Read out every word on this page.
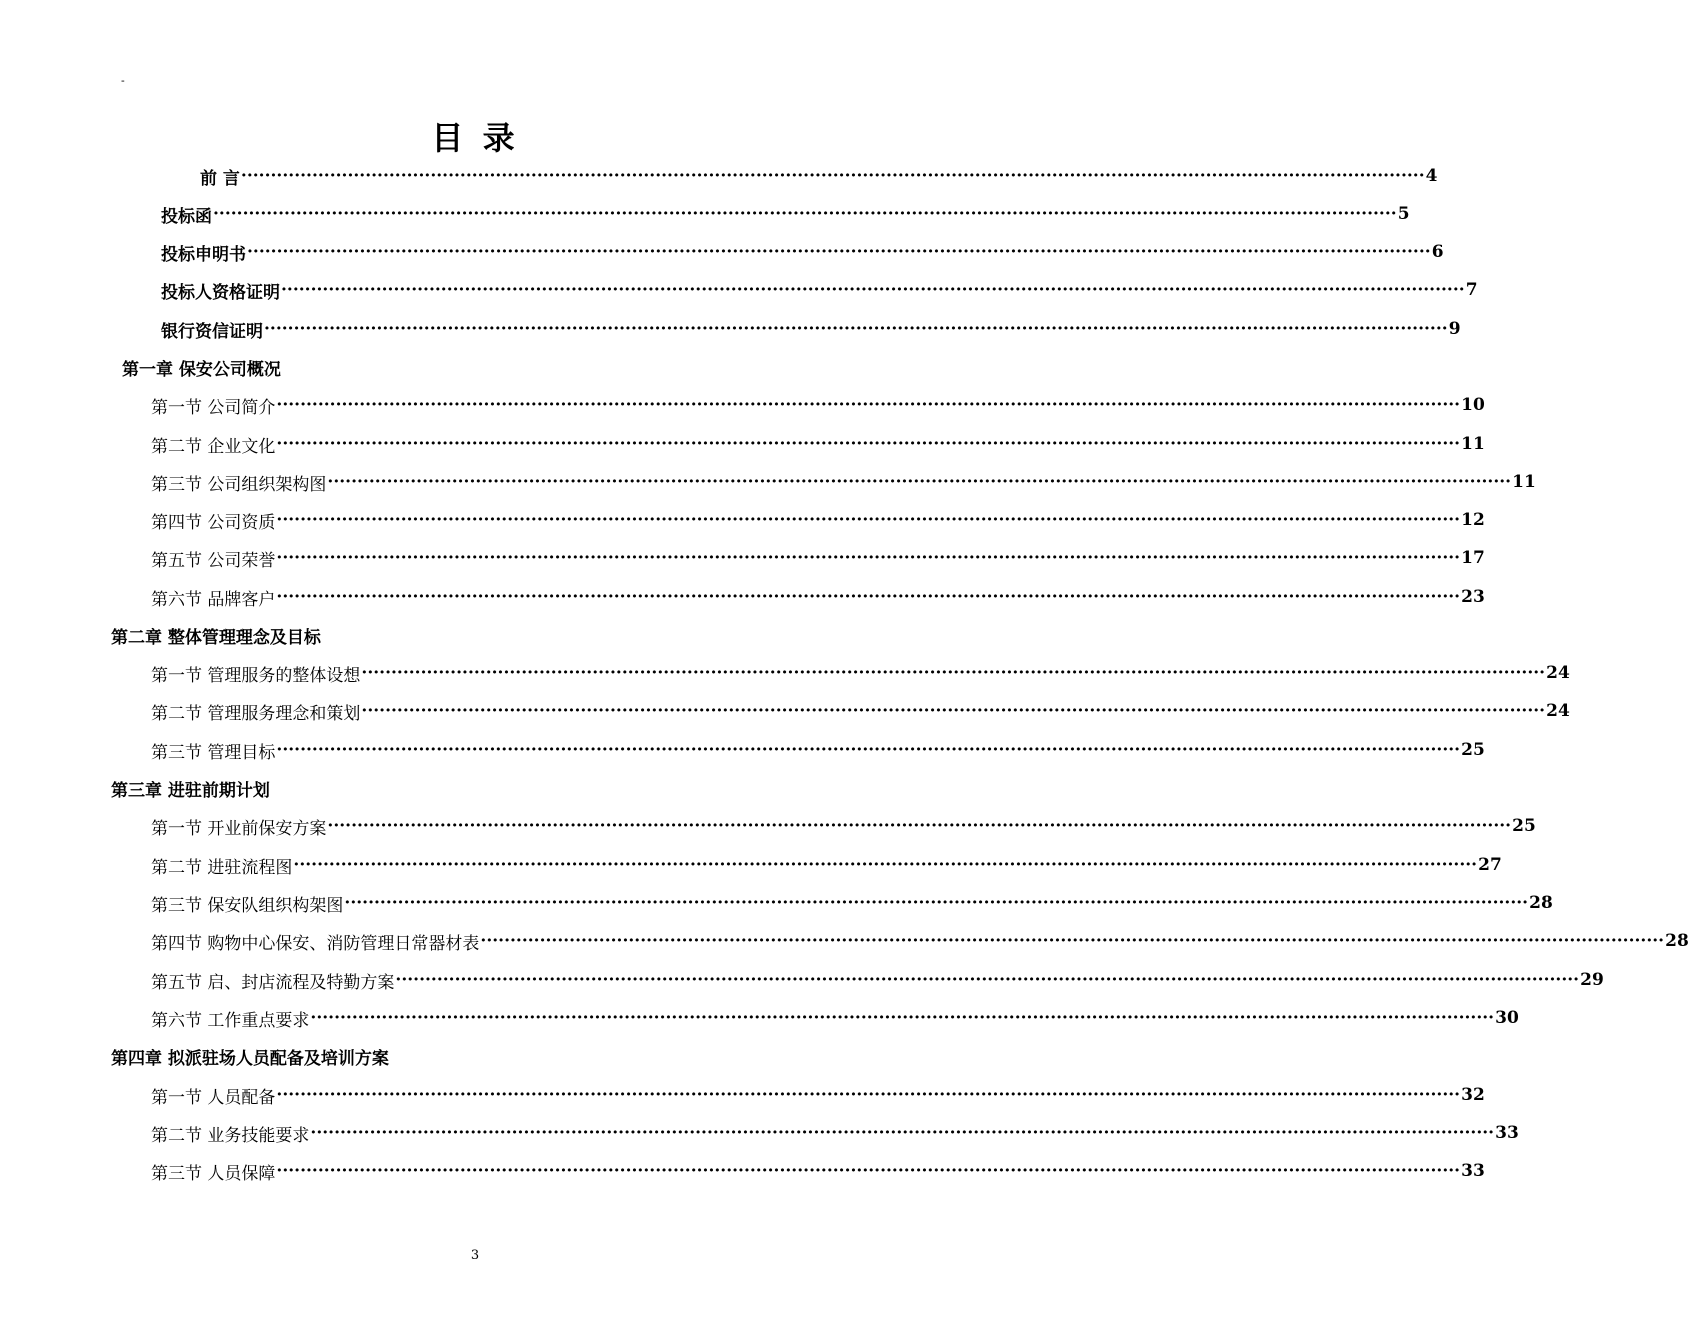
-
目 录
前 言 ········································································································································································································ 4
投标函 ········································································································································································································ 5
投标申明书 ········································································································································································································ 6
投标人资格证明 ········································································································································································································ 7
银行资信证明 ········································································································································································································ 9
第一章 保安公司概况
第一节 公司简介 ········································································································································································································ 10
第二节 企业文化 ········································································································································································································ 11
第三节 公司组织架构图 ········································································································································································································ 11
第四节 公司资质 ········································································································································································································ 12
第五节 公司荣誉 ········································································································································································································ 17
第六节 品牌客户 ········································································································································································································ 23
第二章 整体管理理念及目标
第一节 管理服务的整体设想 ········································································································································································································ 24
第二节 管理服务理念和策划 ········································································································································································································ 24
第三节 管理目标 ········································································································································································································ 25
第三章 进驻前期计划
第一节 开业前保安方案 ········································································································································································································ 25
第二节 进驻流程图 ········································································································································································································ 27
第三节 保安队组织构架图 ········································································································································································································ 28
第四节 购物中心保安、消防管理日常器材表 ········································································································································································································ 28
第五节 启、封店流程及特勤方案 ········································································································································································································ 29
第六节 工作重点要求 ········································································································································································································ 30
第四章 拟派驻场人员配备及培训方案
第一节 人员配备 ········································································································································································································ 32
第二节 业务技能要求 ········································································································································································································ 33
第三节 人员保障 ········································································································································································································ 33
3
